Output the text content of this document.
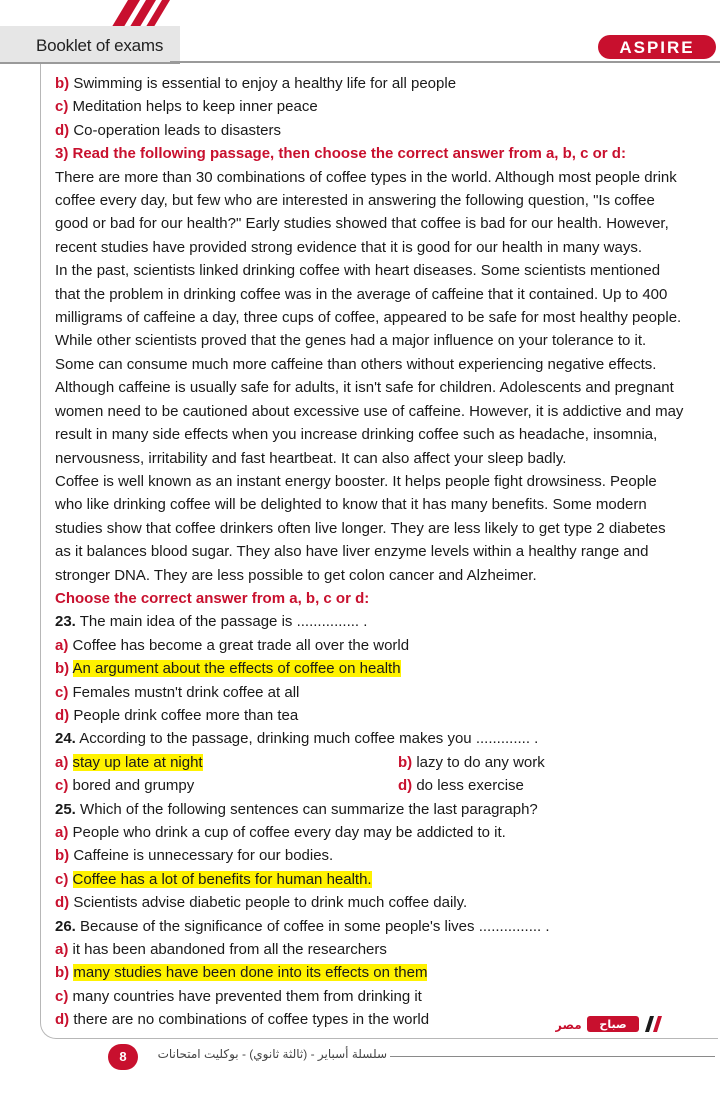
Booklet of exams	ASPIRE
b) Swimming is essential to enjoy a healthy life for all people
c) Meditation helps to keep inner peace
d) Co-operation leads to disasters
3) Read the following passage, then choose the correct answer from a, b, c or d:
There are more than 30 combinations of coffee types in the world. Although most people drink
coffee every day, but few who are interested in answering the following question, "Is coffee
good or bad for our health?" Early studies showed that coffee is bad for our health. However,
recent studies have provided strong evidence that it is good for our health in many ways.
In the past, scientists linked drinking coffee with heart diseases. Some scientists mentioned
that the problem in drinking coffee was in the average of caffeine that it contained. Up to 400
milligrams of caffeine a day, three cups of coffee, appeared to be safe for most healthy people.
While other scientists proved that the genes had a major influence on your tolerance to it.
Some can consume much more caffeine than others without experiencing negative effects.
Although caffeine is usually safe for adults, it isn't safe for children. Adolescents and pregnant
women need to be cautioned about excessive use of caffeine. However, it is addictive and may
result in many side effects when you increase drinking coffee such as headache, insomnia,
nervousness, irritability and fast heartbeat. It can also affect your sleep badly.
Coffee is well known as an instant energy booster. It helps people fight drowsiness. People
who like drinking coffee will be delighted to know that it has many benefits. Some modern
studies show that coffee drinkers often live longer. They are less likely to get type 2 diabetes
as it balances blood sugar. They also have liver enzyme levels within a healthy range and
stronger DNA. They are less possible to get colon cancer and Alzheimer.
Choose the correct answer from a, b, c or d:
23. The main idea of the passage is ............... .
a) Coffee has become a great trade all over the world
b) An argument about the effects of coffee on health
c) Females mustn't drink coffee at all
d) People drink coffee more than tea
24. According to the passage, drinking much coffee makes you ............. .
a) stay up late at night	b) lazy to do any work
c) bored and grumpy	d) do less exercise
25. Which of the following sentences can summarize the last paragraph?
a) People who drink a cup of coffee every day may be addicted to it.
b) Caffeine is unnecessary for our bodies.
c) Coffee has a lot of benefits for human health.
d) Scientists advise diabetic people to drink much coffee daily.
26. Because of the significance of coffee in some people's lives ............... .
a) it has been abandoned from all the researchers
b) many studies have been done into its effects on them
c) many countries have prevented them from drinking it
d) there are no combinations of coffee types in the world	مصر صباح
سلسلة أسباير - (ثالثة ثانوي) - بوكليت امتحانات
8
